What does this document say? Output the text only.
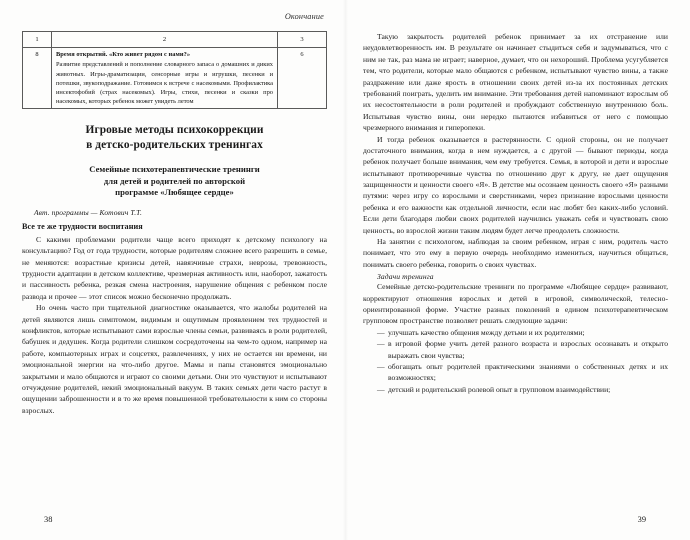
Окончание
1	2	3
8	Время открытий. «Кто живет рядом с нами?»
Развитие представлений и пополнение словарного запаса о домашних и диких животных. Игры-драматизации, сенсорные игры и игрушки, песенки и потешки, звукоподражание. Готовимся к встрече с насекомыми. Профилактика инсектофобий (страх насекомых). Игры, стихи, песенки и сказки про насекомых, которых ребенок может увидеть летом	6
Игровые методы психокоррекции
в детско-родительских тренингах
Семейные психотерапевтические тренинги
для детей и родителей по авторской
программе «Любящее сердце»
Авт. программы — Котович Т.Т.
Все те же трудности воспитания

С какими проблемами родители чаще всего приходят к детскому психологу на консультацию? Год от года трудности, которые родителям сложнее всего разрешить в семье, не меняются: возрастные кризисы детей, навязчивые страхи, неврозы, тревожность, трудности адаптации в детском коллективе, чрезмерная активность или, наоборот, зажатость и пассивность ребенка, резкая смена настроения, нарушение общения с ребенком после развода и прочее — этот список можно бесконечно продолжать.

Но очень часто при тщательной диагностике оказывается, что жалобы родителей на детей являются лишь симптомом, видимым и ощутимым проявлением тех трудностей и конфликтов, которые испытывают сами взрослые члены семьи, развиваясь в роли родителей, бабушек и дедушек. Когда родители слишком сосредоточены на чем-то одном, например на работе, компьютерных играх и соцсетях, развлечениях, у них не остается ни времени, ни эмоциональной энергии на что-либо другое. Мамы и папы становятся эмоционально закрытыми и мало общаются и играют со своими детьми. Они это чувствуют и испытывают отчуждение родителей, некий эмоциональный вакуум. В таких семьях дети часто растут в ощущении заброшенности и в то же время повышенной требовательности к ним со стороны взрослых.

38

Такую закрытость родителей ребенок принимает за их отстранение или неудовлетворенность им. В результате он начинает стыдиться себя и задумываться, что с ним не так, раз мама не играет; наверное, думает, что он нехороший. Проблема усугубляется тем, что родители, которые мало общаются с ребенком, испытывают чувство вины, а также раздражение или даже ярость в отношении своих детей из-за их постоянных детских требований поиграть, уделить им внимание. Эти требования детей напоминают взрослым об их несостоятельности в роли родителей и пробуждают собственную внутреннюю боль. Испытывая чувство вины, они нередко пытаются избавиться от него с помощью чрезмерного внимания и гиперопеки.

И тогда ребенок оказывается в растерянности. С одной стороны, он не получает достаточного внимания, когда в нем нуждается, а с другой — бывают периоды, когда ребенок получает больше внимания, чем ему требуется. Семья, в которой и дети и взрослые испытывают противоречивые чувства по отношению друг к другу, не дает ощущения защищенности и ценности своего «Я». В детстве мы осознаем ценность своего «Я» разными путями: через игру со взрослыми и сверстниками, через признание взрослыми ценности ребенка и его важности как отдельной личности, если нас любят без каких-либо условий. Если дети благодаря любви своих родителей научились уважать себя и чувствовать свою ценность, во взрослой жизни таким людям будет легче преодолеть сложности.

На занятии с психологом, наблюдая за своим ребенком, играя с ним, родитель часто понимает, что это ему в первую очередь необходимо измениться, научиться общаться, понимать своего ребенка, говорить о своих чувствах.

Задачи тренинга

Семейные детско-родительские тренинги по программе «Любящее сердце» развивают, корректируют отношения взрослых и детей в игровой, символической, телесно-ориентированной форме. Участие разных поколений в едином психотерапевтическом групповом пространстве позволяет решать следующие задачи:

— улучшать качество общения между детьми и их родителями;
— в игровой форме учить детей разного возраста и взрослых осознавать и открыто выражать свои чувства;
— обогащать опыт родителей практическими знаниями о собственных детях и их возможностях;
— детский и родительский ролевой опыт в групповом взаимодействии;
39
